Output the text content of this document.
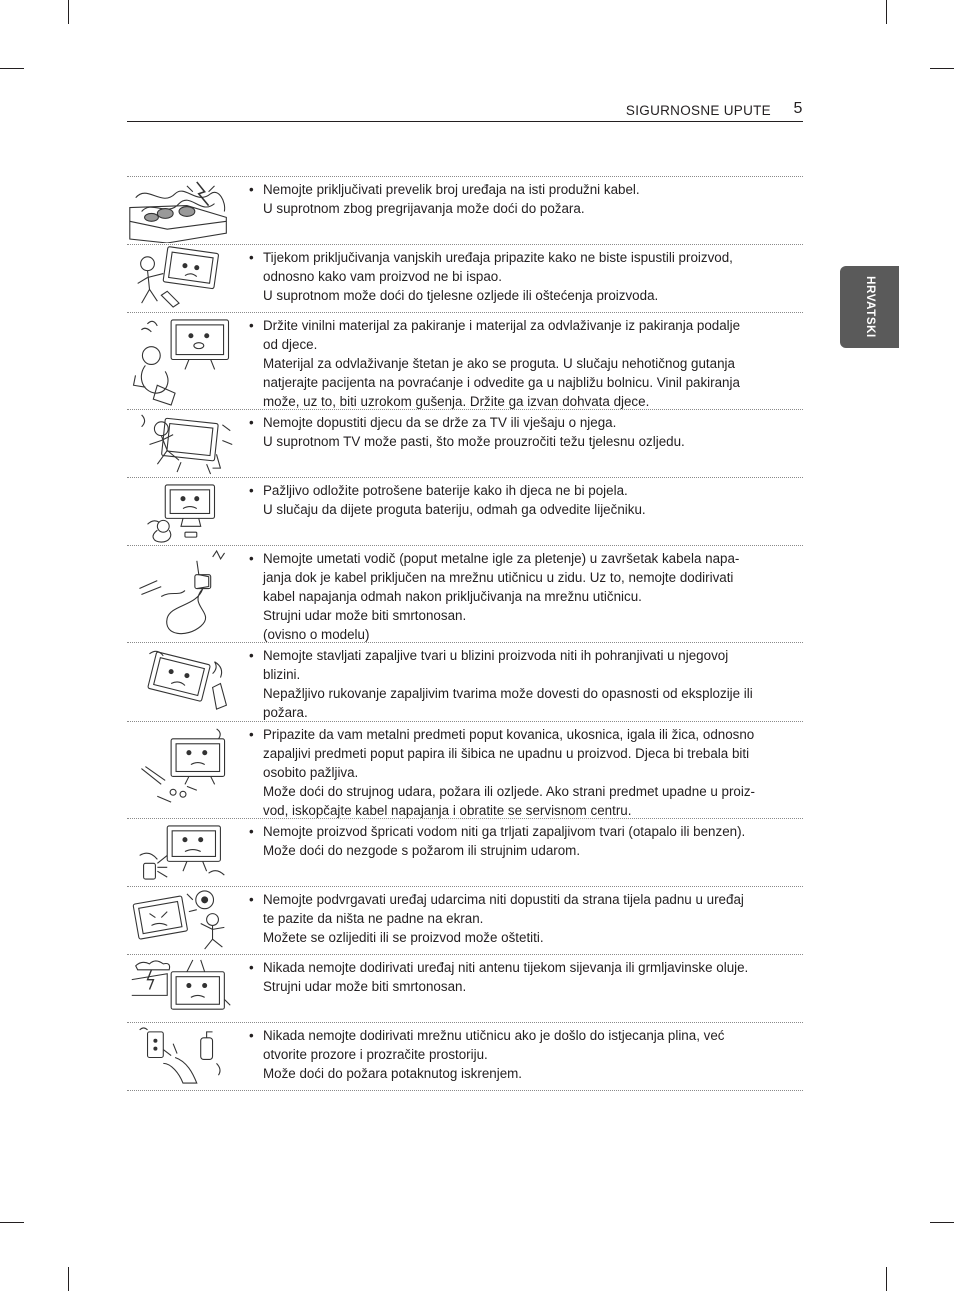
SIGURNOSNE UPUTE	5
HRVATSKI
• Nemojte priključivati prevelik broj uređaja na isti produžni kabel.
U suprotnom zbog pregrijavanja može doći do požara.
• Tijekom priključivanja vanjskih uređaja pripazite kako ne biste ispustili proizvod,
odnosno kako vam proizvod ne bi ispao.
U suprotnom može doći do tjelesne ozljede ili oštećenja proizvoda.
• Držite vinilni materijal za pakiranje i materijal za odvlaživanje iz pakiranja podalje
od djece.
Materijal za odvlaživanje štetan je ako se proguta. U slučaju nehotičnog gutanja
natjerajte pacijenta na povraćanje i odvedite ga u najbližu bolnicu. Vinil pakiranja
može, uz to, biti uzrokom gušenja. Držite ga izvan dohvata djece.
• Nemojte dopustiti djecu da se drže za TV ili vješaju o njega.
U suprotnom TV može pasti, što može prouzročiti težu tjelesnu ozljedu.
• Pažljivo odložite potrošene baterije kako ih djeca ne bi pojela.
U slučaju da dijete proguta bateriju, odmah ga odvedite liječniku.
• Nemojte umetati vodič (poput metalne igle za pletenje) u završetak kabela napa-
janja dok je kabel priključen na mrežnu utičnicu u zidu. Uz to, nemojte dodirivati
kabel napajanja odmah nakon priključivanja na mrežnu utičnicu.
Strujni udar može biti smrtonosan.
(ovisno o modelu)
• Nemojte stavljati zapaljive tvari u blizini proizvoda niti ih pohranjivati u njegovoj
blizini.
Nepažljivo rukovanje zapaljivim tvarima može dovesti do opasnosti od eksplozije ili
požara.
• Pripazite da vam metalni predmeti poput kovanica, ukosnica, igala ili žica, odnosno
zapaljivi predmeti poput papira ili šibica ne upadnu u proizvod. Djeca bi trebala biti
osobito pažljiva.
Može doći do strujnog udara, požara ili ozljede. Ako strani predmet upadne u proiz-
vod, iskopčajte kabel napajanja i obratite se servisnom centru.
• Nemojte proizvod špricati vodom niti ga trljati zapaljivom tvari (otapalo ili benzen).
Može doći do nezgode s požarom ili strujnim udarom.
• Nemojte podvrgavati uređaj udarcima niti dopustiti da strana tijela padnu u uređaj
te pazite da ništa ne padne na ekran.
Možete se ozlijediti ili se proizvod može oštetiti.
• Nikada nemojte dodirivati uređaj niti antenu tijekom sijevanja ili grmljavinske oluje.
Strujni udar može biti smrtonosan.
• Nikada nemojte dodirivati mrežnu utičnicu ako je došlo do istjecanja plina, već
otvorite prozore i prozračite prostoriju.
Može doći do požara potaknutog iskrenjem.
